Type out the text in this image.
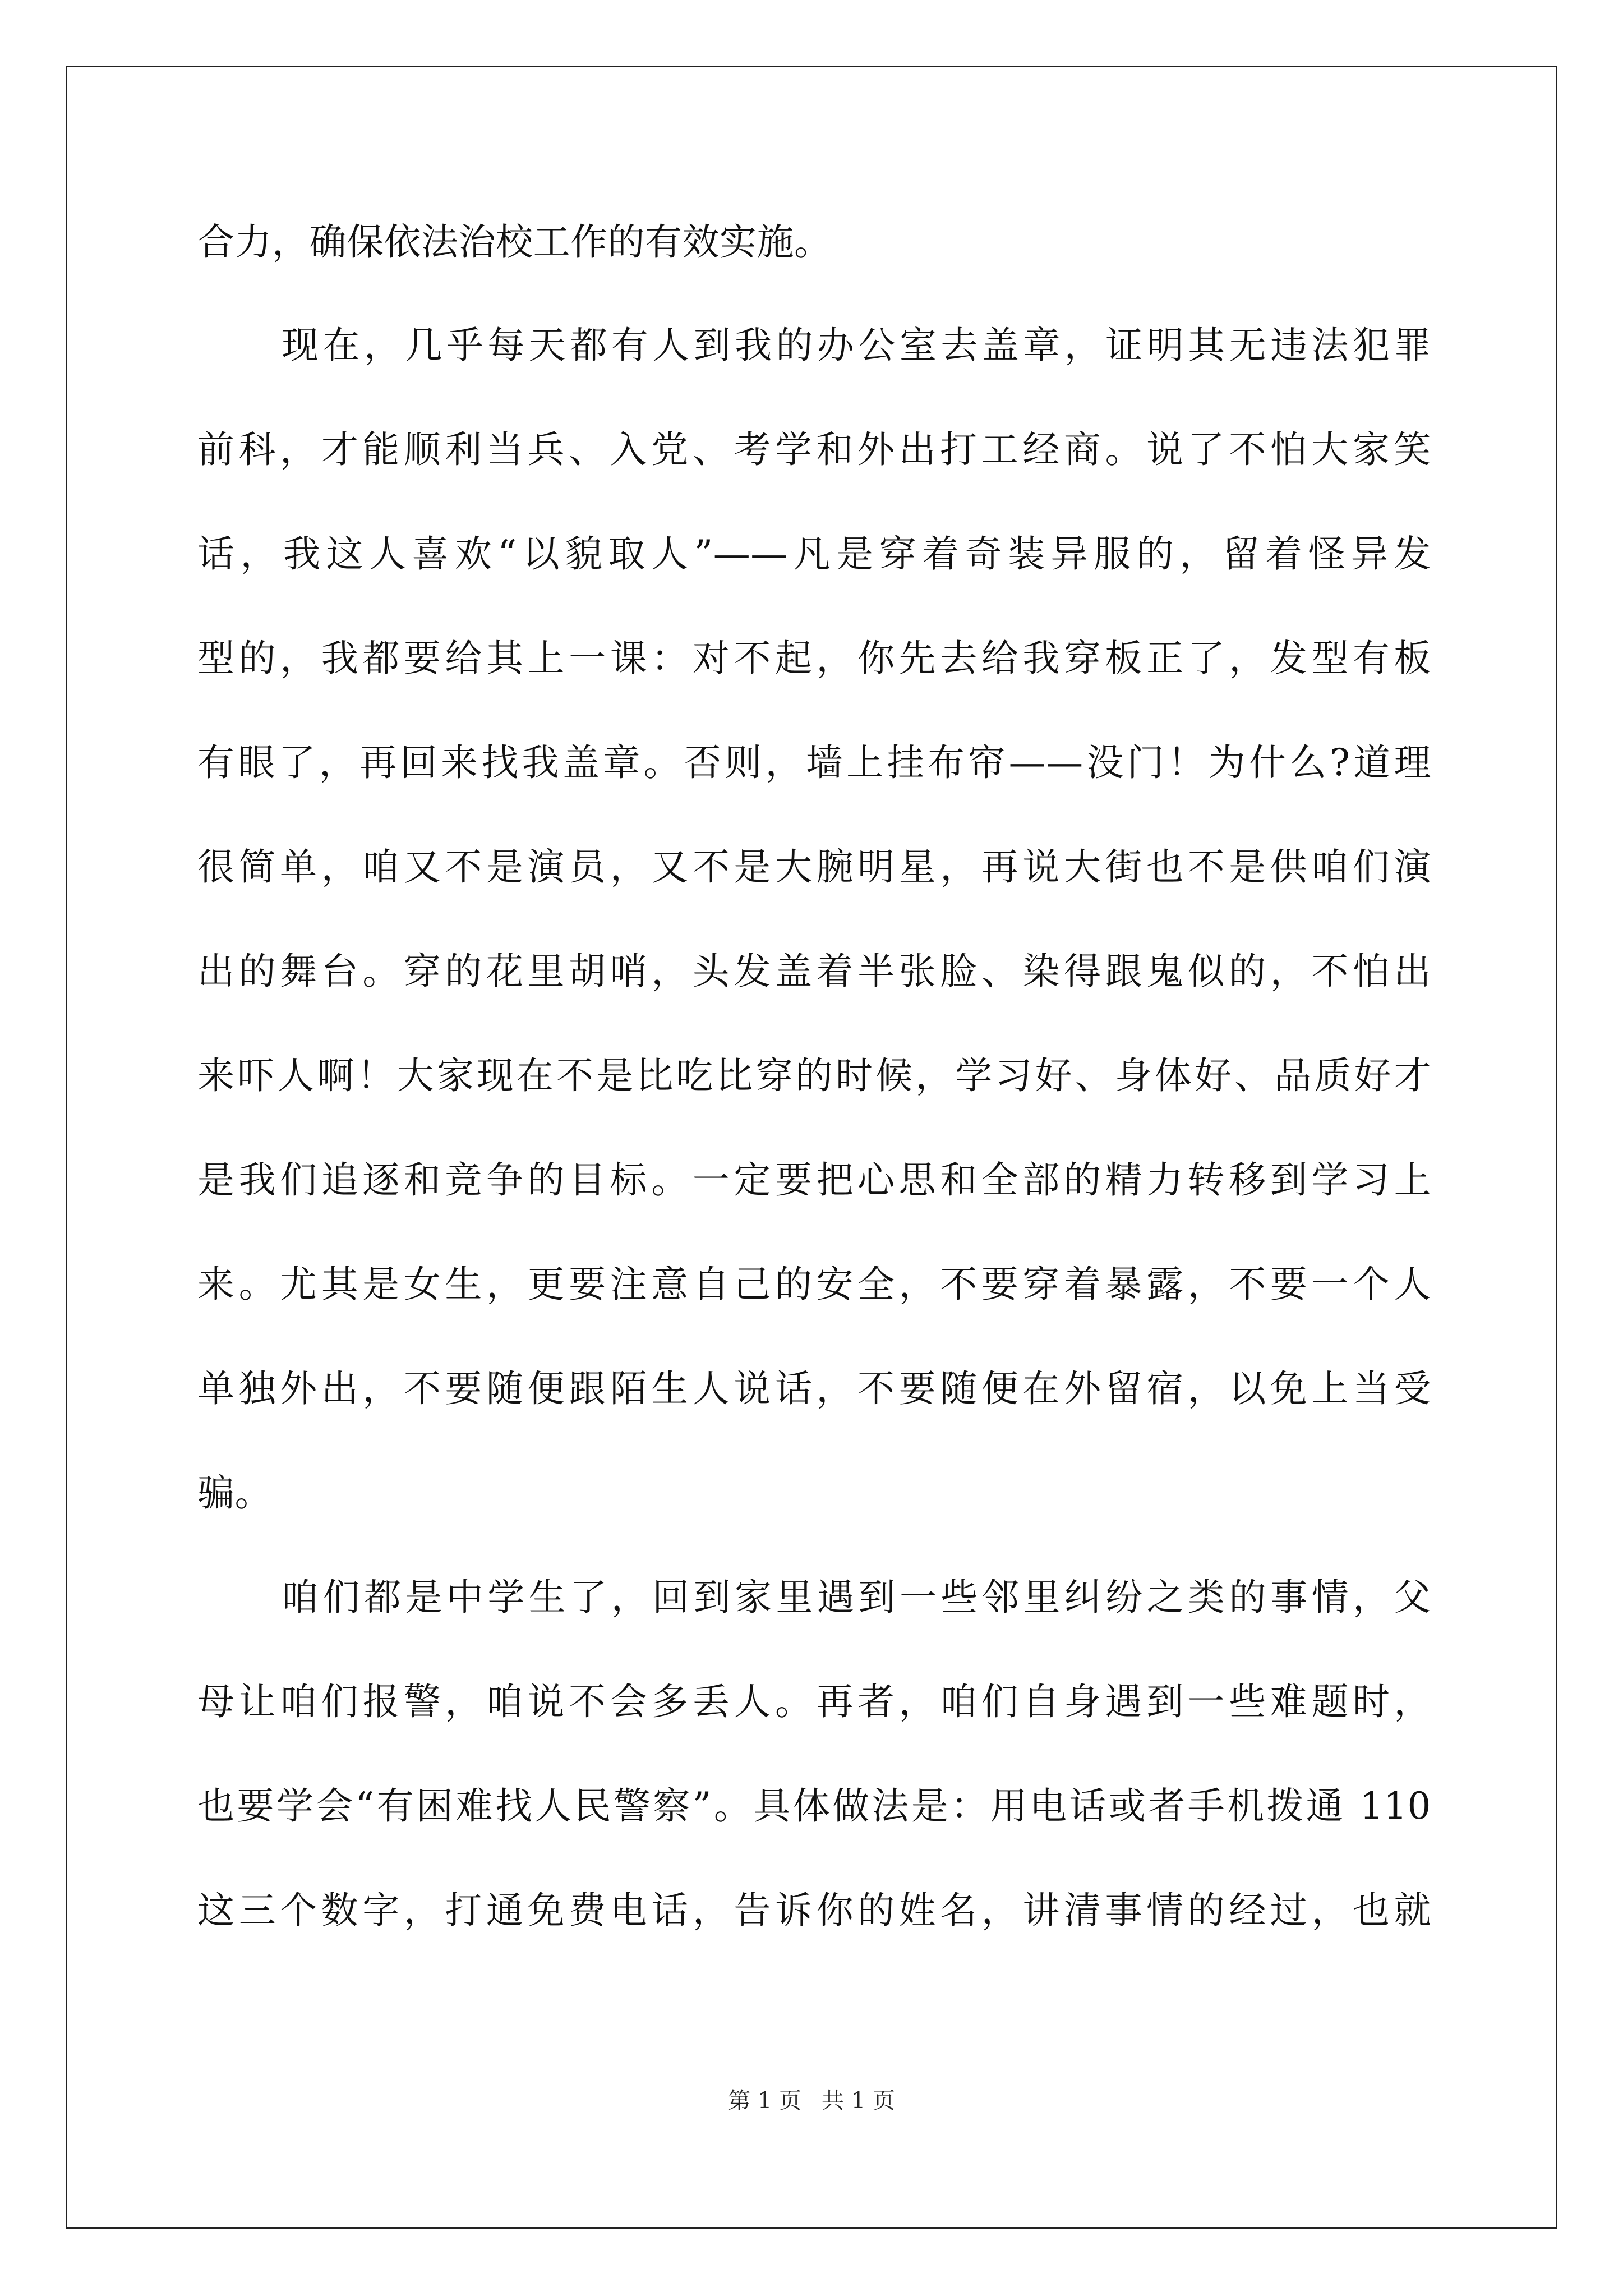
合力，确保依法治校工作的有效实施。
现在，几乎每天都有人到我的办公室去盖章，证明其无违法犯罪
前科，才能顺利当兵、入党、考学和外出打工经商。说了不怕大家笑
话，我这人喜欢“以貌取人”——凡是穿着奇装异服的，留着怪异发
型的，我都要给其上一课：对不起，你先去给我穿板正了，发型有板
有眼了，再回来找我盖章。否则，墙上挂布帘——没门！为什么?道理
很简单，咱又不是演员，又不是大腕明星，再说大街也不是供咱们演
出的舞台。穿的花里胡哨，头发盖着半张脸、染得跟鬼似的，不怕出
来吓人啊！大家现在不是比吃比穿的时候，学习好、身体好、品质好才
是我们追逐和竞争的目标。一定要把心思和全部的精力转移到学习上
来。尤其是女生，更要注意自己的安全，不要穿着暴露，不要一个人
单独外出，不要随便跟陌生人说话，不要随便在外留宿，以免上当受
骗。
咱们都是中学生了，回到家里遇到一些邻里纠纷之类的事情，父
母让咱们报警，咱说不会多丢人。再者，咱们自身遇到一些难题时，
也要学会“有困难找人民警察”。具体做法是：用电话或者手机拨通 110
这三个数字，打通免费电话，告诉你的姓名，讲清事情的经过，也就
第 1 页 共 1 页
